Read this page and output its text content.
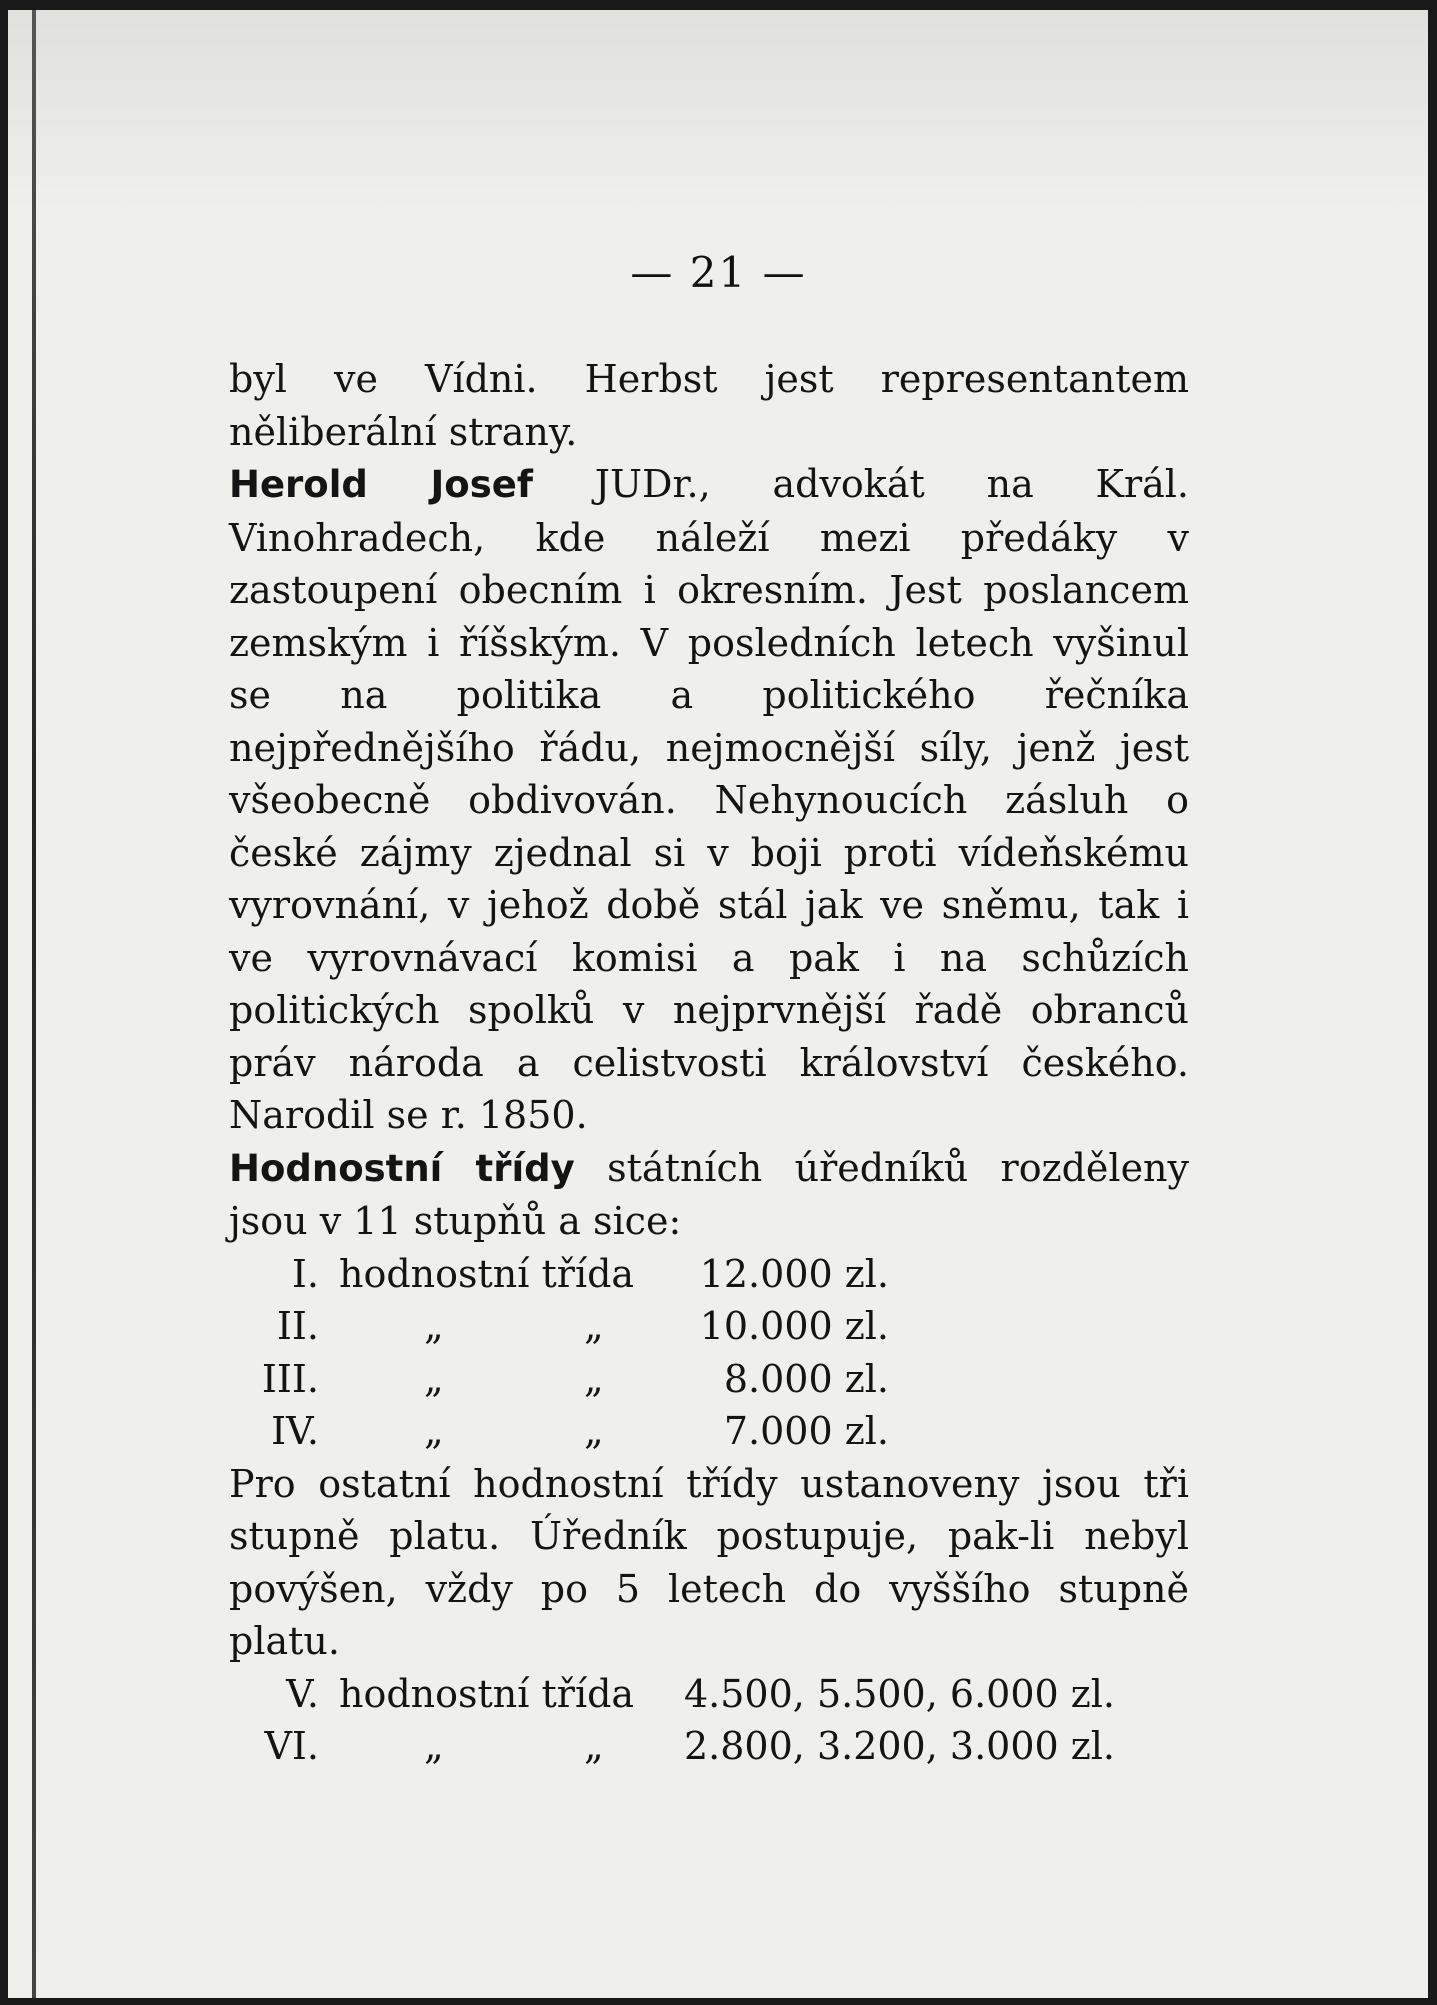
— 21 —

byl ve Vídni. Herbst jest representantem něliberální strany.

Herold Josef JUDr., advokát na Král. Vinohradech, kde náleží mezi předáky v zastoupení obecním i okresním. Jest poslancem zemským i říšským. V posledních letech vyšinul se na politika a politického řečníka nejpřednějšího řádu, nejmocnější síly, jenž jest všeobecně obdivován. Nehynoucích zásluh o české zájmy zjednal si v boji proti vídeňskému vyrovnání, v jehož době stál jak ve sněmu, tak i ve vyrovnávací komisi a pak i na schůzích politických spolků v nejprvnější řadě obranců práv národa a celistvosti království českého. Narodil se r. 1850.

Hodnostní třídy státních úředníků rozděleny jsou v 11 stupňů a sice:

I. hodnostní třída	12.000 zl.
II.	„	„	10.000 zl.
III.	„	„	8.000 zl.
IV.	„	„	7.000 zl.

Pro ostatní hodnostní třídy ustanoveny jsou tři stupně platu. Úředník postupuje, pak-li nebyl povýšen, vždy po 5 letech do vyššího stupně platu.

V. hodnostní třída 4.500, 5.500, 6.000 zl.
VI.	„	„ 2.800, 3.200, 3.000 zl.
